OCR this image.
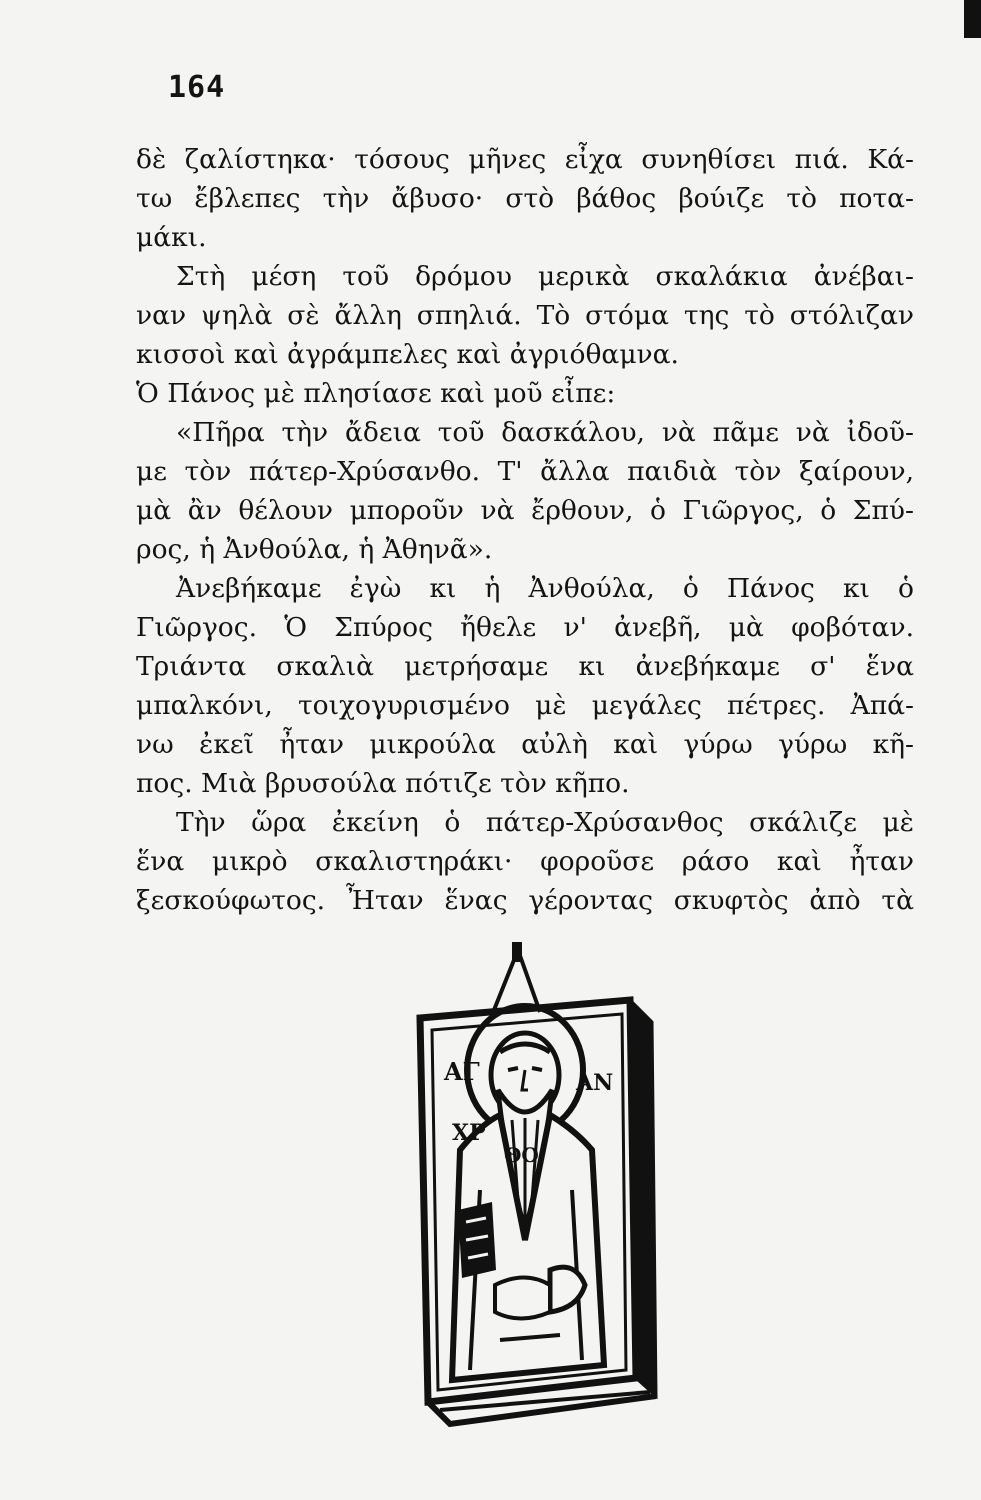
164
δὲ ζαλίστηκα· τόσους μῆνες εἶχα συνηθίσει πιά. Κά-
τω ἔβλεπες τὴν ἄβυσο· στὸ βάθος βούιζε τὸ ποτα-
μάκι.
Στὴ μέση τοῦ δρόμου μερικὰ σκαλάκια ἀνέβαι-
ναν ψηλὰ σὲ ἄλλη σπηλιά. Τὸ στόμα της τὸ στόλιζαν
κισσοὶ καὶ ἀγράμπελες καὶ ἀγριόθαμνα.
Ὁ Πάνος μὲ πλησίασε καὶ μοῦ εἶπε:
«Πῆρα τὴν ἄδεια τοῦ δασκάλου, νὰ πᾶμε νὰ ἰδοῦ-
με τὸν πάτερ-Χρύσανθο. Τ' ἄλλα παιδιὰ τὸν ξαίρουν,
μὰ ἂν θέλουν μποροῦν νὰ ἔρθουν, ὁ Γιῶργος, ὁ Σπύ-
ρος, ἡ Ἀνθούλα, ἡ Ἀθηνᾶ».
Ἀνεβήκαμε ἐγὼ κι ἡ Ἀνθούλα, ὁ Πάνος κι ὁ
Γιῶργος. Ὁ Σπύρος ἤθελε ν' ἀνεβῆ, μὰ φοβόταν.
Τριάντα σκαλιὰ μετρήσαμε κι ἀνεβήκαμε σ' ἕνα
μπαλκόνι, τοιχογυρισμένο μὲ μεγάλες πέτρες. Ἀπά-
νω ἐκεῖ ἦταν μικρούλα αὐλὴ καὶ γύρω γύρω κῆ-
πος. Μιὰ βρυσούλα πότιζε τὸν κῆπο.
Τὴν ὥρα ἐκείνη ὁ πάτερ-Χρύσανθος σκάλιζε μὲ
ἕνα μικρὸ σκαλιστηράκι· φοροῦσε ράσο καὶ ἦταν
ξεσκούφωτος. Ἦταν ἕνας γέροντας σκυφτὸς ἀπὸ τὰ
ΑΓ
ΧΡ
ΑΝ
ΘΟ
